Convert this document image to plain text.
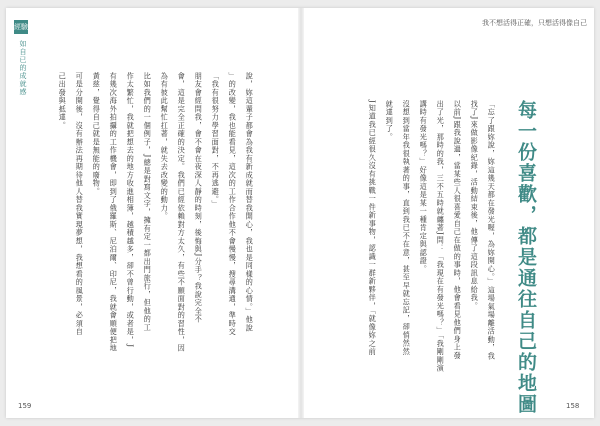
經驗
如自已的成就感
說，妳這輩子都會為我有新成就而替我開心，我也是同樣的心情。」他說
」的改變，我也能看見，這次的工作合作他不會慢慢，搜尋溝通，準時交
「我有很努力學習面對，不再逃避。」
朋友會經問我，會不會在夜深人靜的時刻，後悔與J分手？我說完全不
會，這是完全正確的決定。我們已經依賴對方太久，有些不願面對的習性，因
為有彼此幫忙扛著，就失去改變的動力。
比如我們的一個例子，J總是對寫文字，擁有定一都出門旅行，但他的工
作太繁忙，我就把想去的地方收進相簿，越積越多，卻不曾行動，或者是，J
有幾次海外拍攝的工作機會，即到了俄羅斯、尼泊爾、印尼，我就會順便把地
黃慈，覺得自己就是無能的廢物。
可是分開後，沒有辦法再期待他人替我實現夢想，我想看的風景，必須自
己出發與抵達。
159
我不想活得正確，只想活得像自己
每一份喜歡，都是通往自己的地圖
「忘了跟妳說，妳這幾天都在發光喔，為妳開心。」這場氣場離活動，我
找了J來做影像紀錄，活動結束後，他傳了這段訊息給我。
以前J跟我說過，當某些人很喜愛自己在做的事時，他會看見他們身上發
出了光，那時的我，三不五時就纏著J問：「我現在有發光嗎？」「我剛剛演
講時有發光嗎？」好像這是某一種肯定與認證。
沒想到當年我很執著的事，直到我已不在意，甚至早就忘記，卻悄然然
就達到了。
J知道我已經很久沒有挑戰一件新事物，認識一群新夥伴，「就像妳之前
158
